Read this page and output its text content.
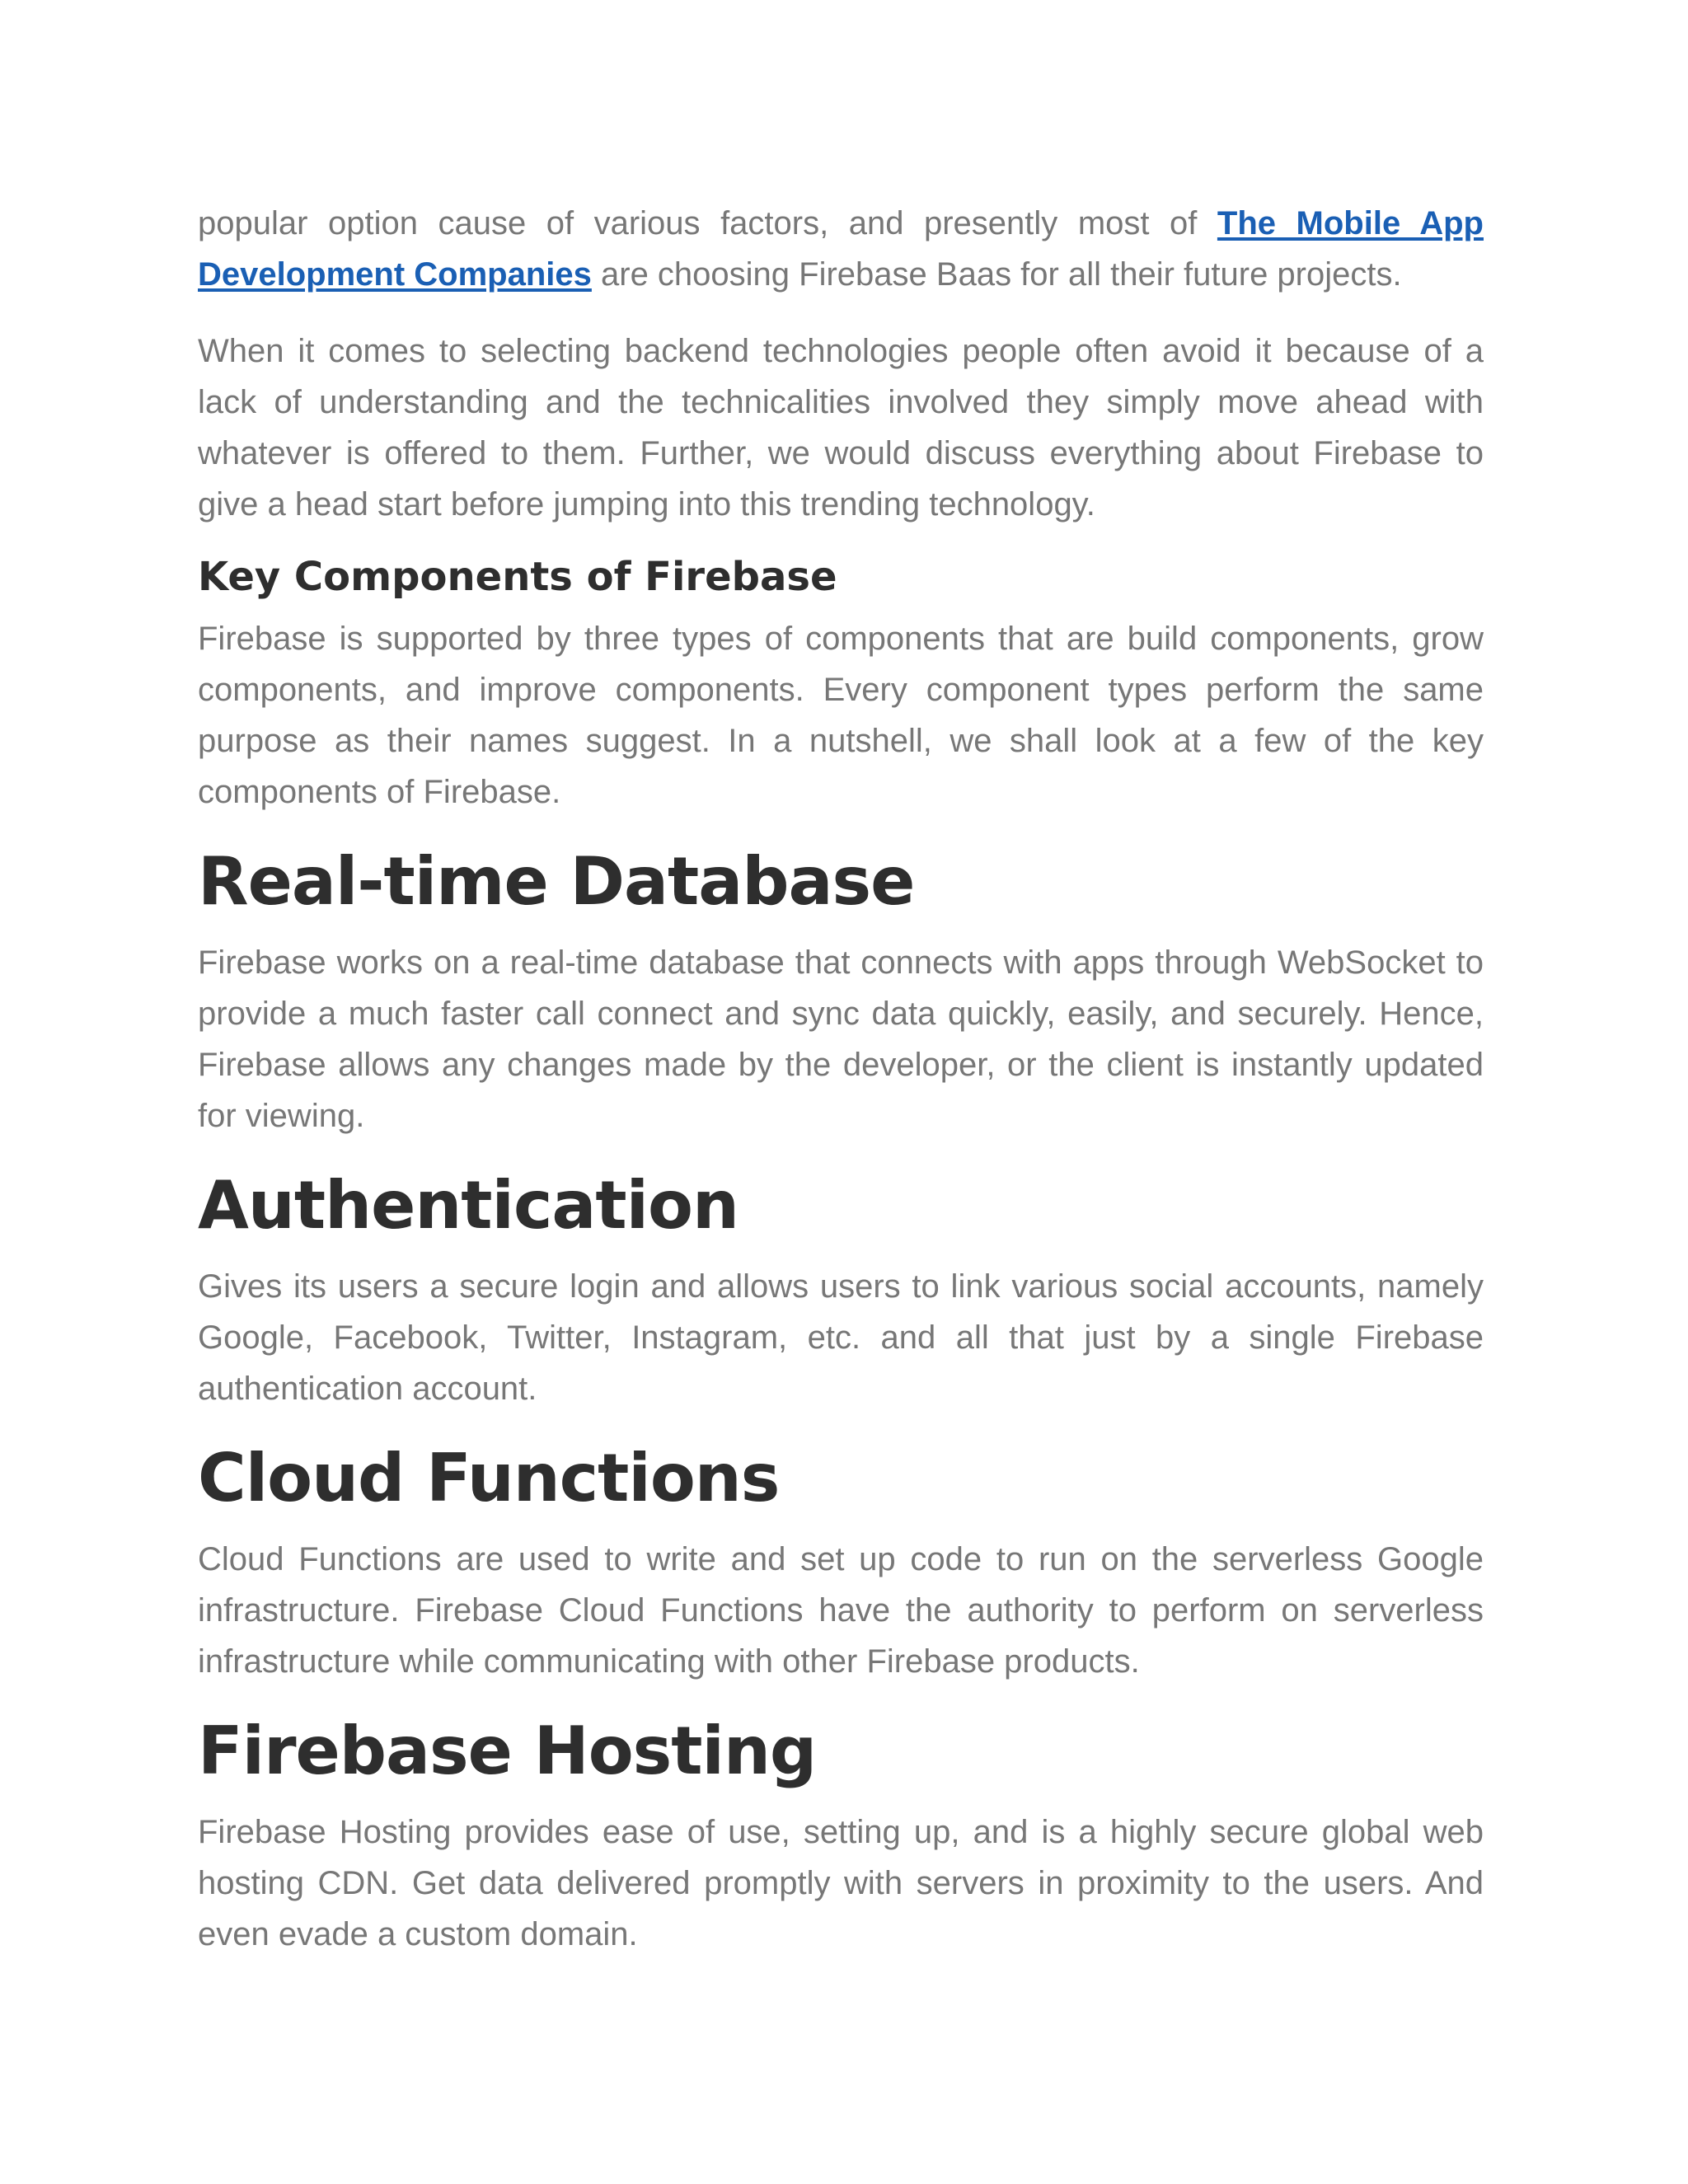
popular option cause of various factors, and presently most of The Mobile App Development Companies are choosing Firebase Baas for all their future projects.

When it comes to selecting backend technologies people often avoid it because of a lack of understanding and the technicalities involved they simply move ahead with whatever is offered to them. Further, we would discuss everything about Firebase to give a head start before jumping into this trending technology.

Key Components of Firebase

Firebase is supported by three types of components that are build components, grow components, and improve components. Every component types perform the same purpose as their names suggest. In a nutshell, we shall look at a few of the key components of Firebase.

Real-time Database

Firebase works on a real-time database that connects with apps through WebSocket to provide a much faster call connect and sync data quickly, easily, and securely. Hence, Firebase allows any changes made by the developer, or the client is instantly updated for viewing.

Authentication

Gives its users a secure login and allows users to link various social accounts, namely Google, Facebook, Twitter, Instagram, etc. and all that just by a single Firebase authentication account.

Cloud Functions

Cloud Functions are used to write and set up code to run on the serverless Google infrastructure. Firebase Cloud Functions have the authority to perform on serverless infrastructure while communicating with other Firebase products.

Firebase Hosting

Firebase Hosting provides ease of use, setting up, and is a highly secure global web hosting CDN. Get data delivered promptly with servers in proximity to the users. And even evade a custom domain.
